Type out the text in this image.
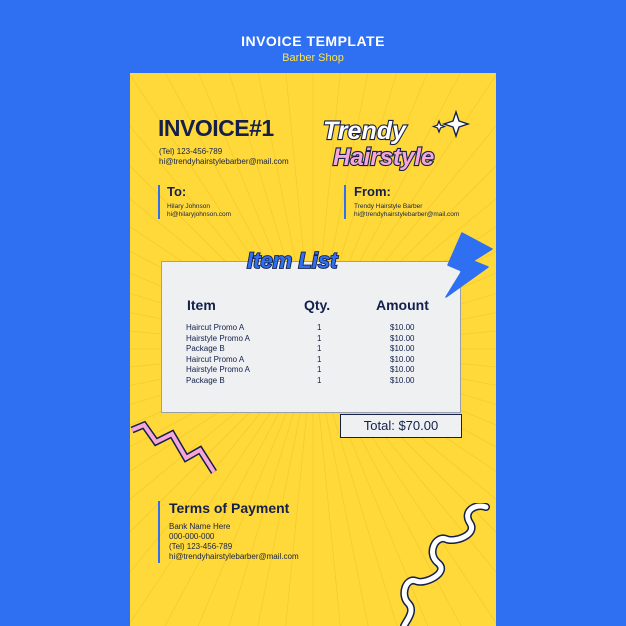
INVOICE TEMPLATE
Barber Shop
INVOICE#1
(Tel) 123-456-789
hi@trendyhairstylebarber@mail.com
Trendy
Hairstyle
To:
Hilary Johnson
hi@hilaryjohnson.com
From:
Trendy Hairstyle Barber
hi@trendyhairstylebarber@mail.com
Item	Qty.	Amount
Haircut Promo A	1	$10.00
Hairstyle Promo A	1	$10.00
Package B	1	$10.00
Haircut Promo A	1	$10.00
Hairstyle Promo A	1	$10.00
Package B	1	$10.00
Item List
Total: $70.00
Terms of Payment
Bank Name Here
000-000-000
(Tel) 123-456-789
hi@trendyhairstylebarber@mail.com
